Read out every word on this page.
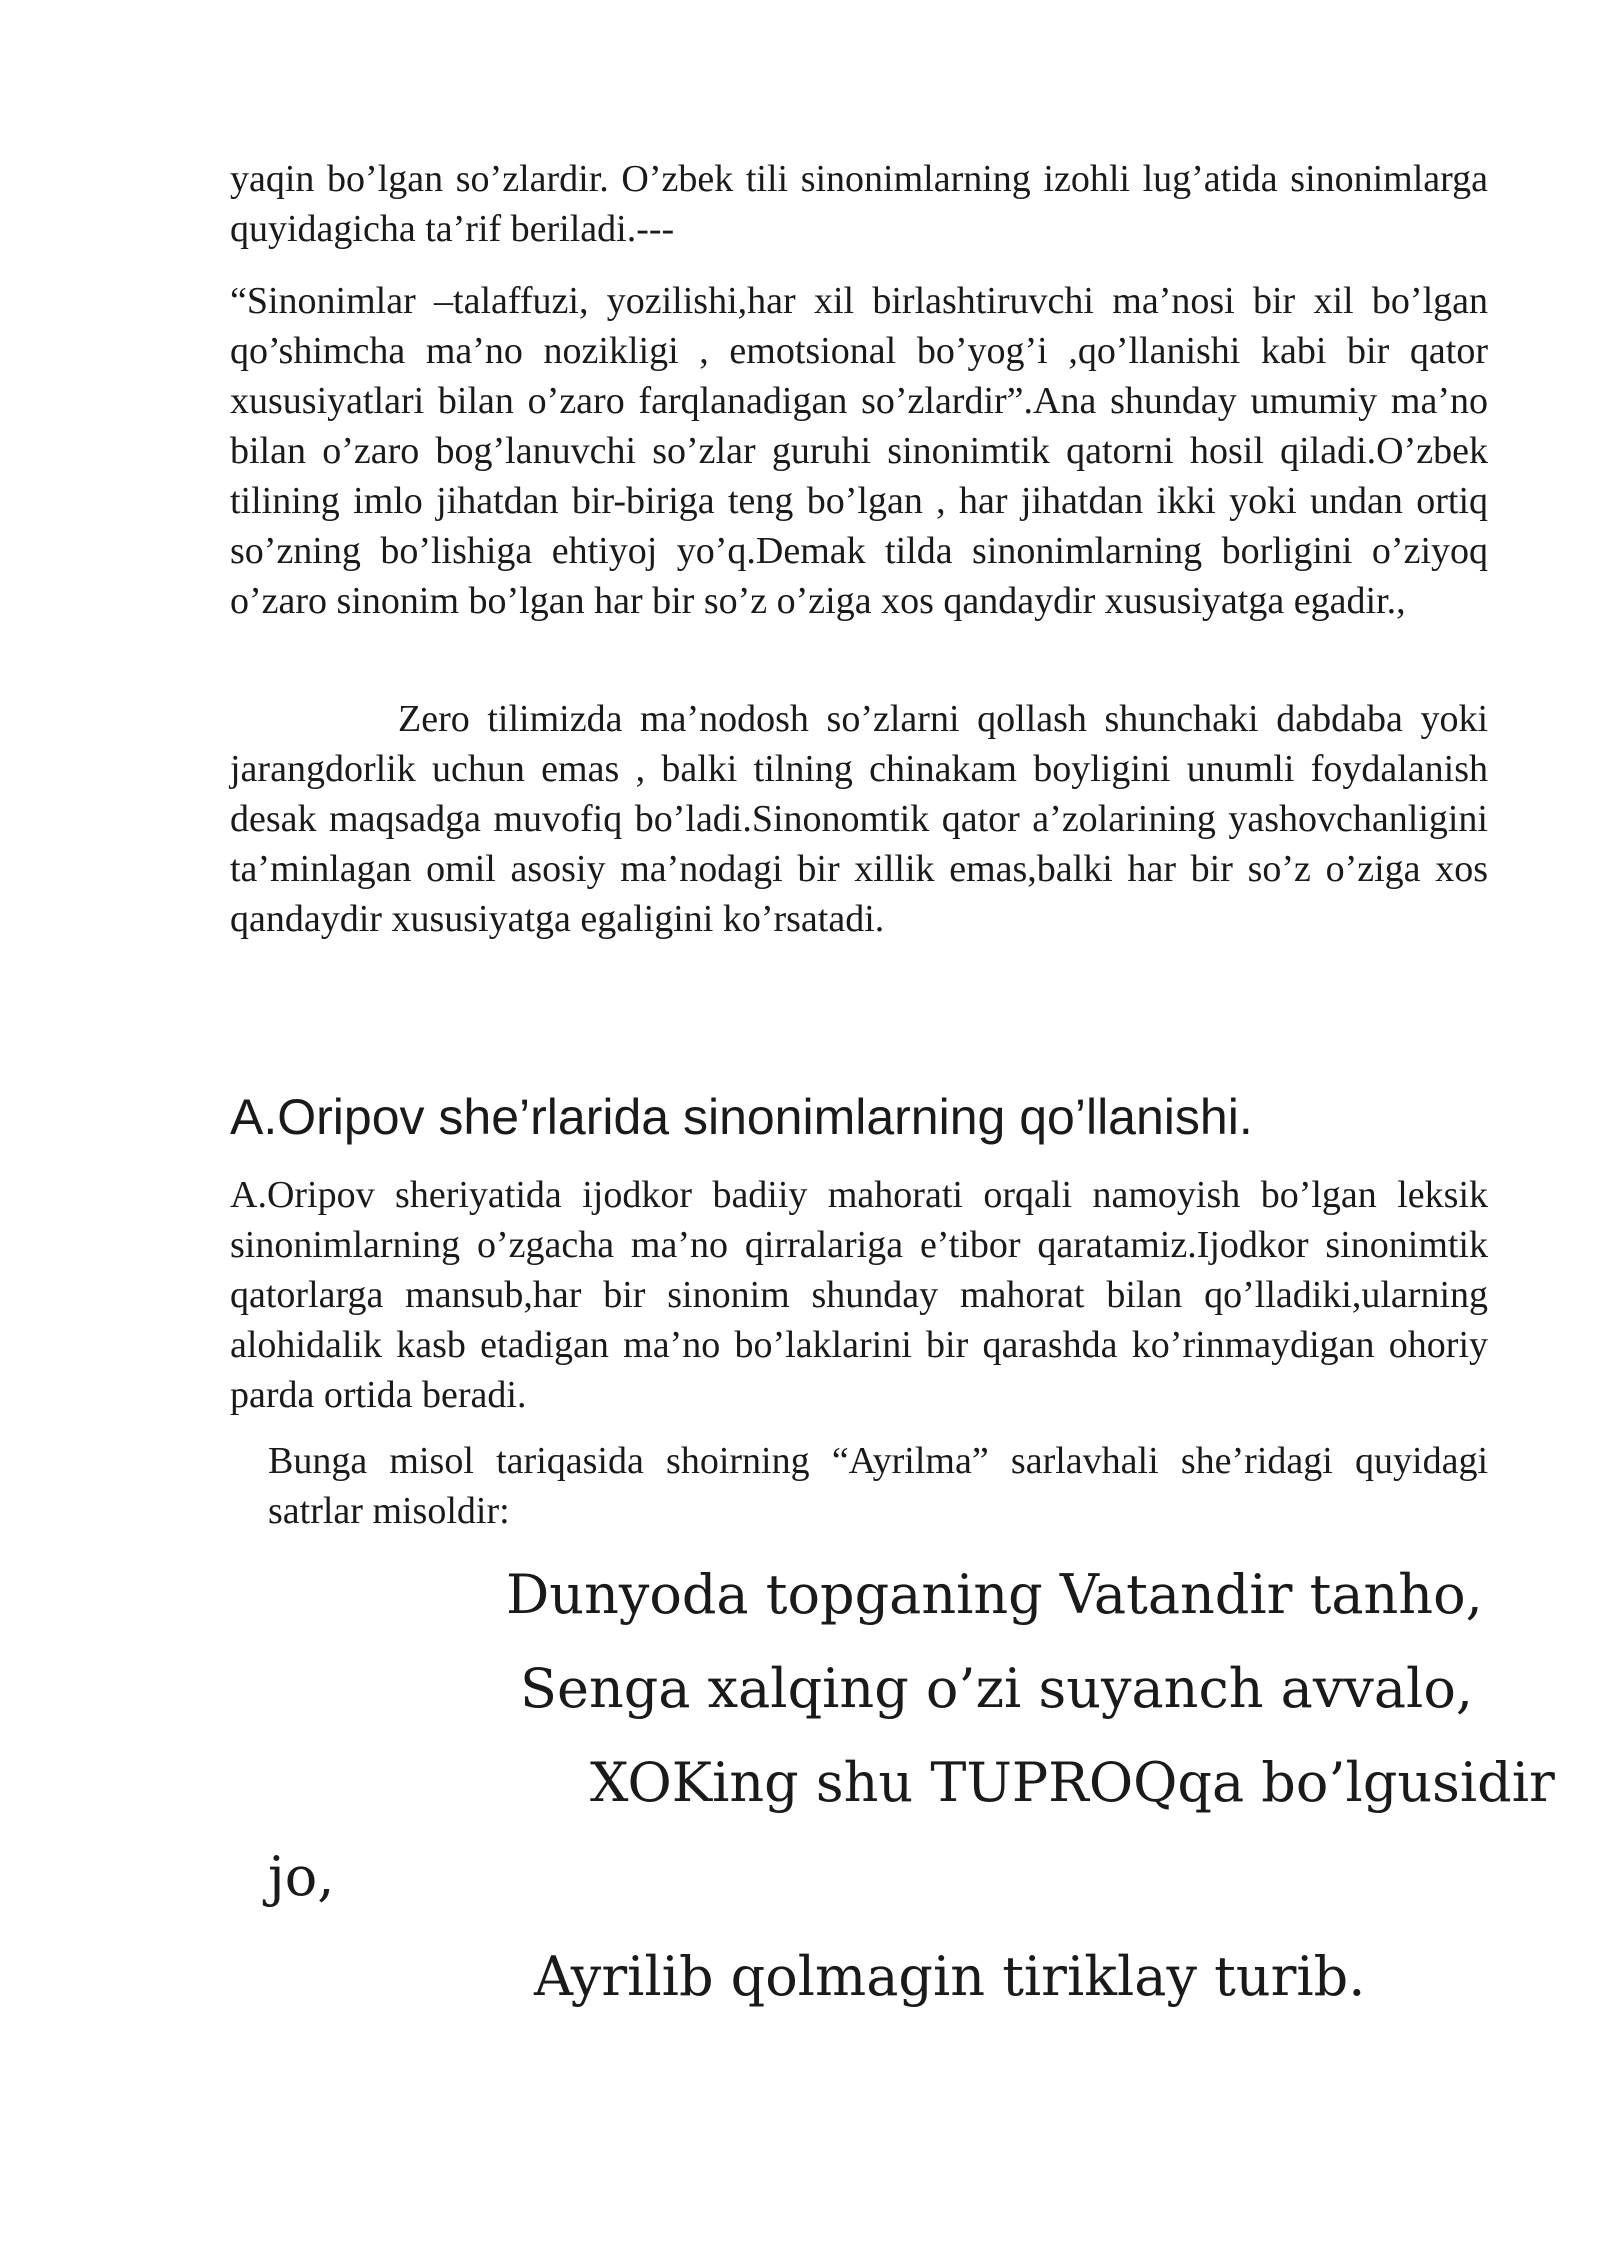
yaqin bo’lgan so’zlardir. O’zbek tili sinonimlarning izohli lug’atida sinonimlarga quyidagicha ta’rif beriladi.---

“Sinonimlar –talaffuzi, yozilishi,har xil birlashtiruvchi ma’nosi bir xil bo’lgan qo’shimcha ma’no nozikligi , emotsional bo’yog’i ,qo’llanishi kabi bir qator xususiyatlari bilan o’zaro farqlanadigan so’zlardir”.Ana shunday umumiy ma’no bilan o’zaro bog’lanuvchi so’zlar guruhi sinonimtik qatorni hosil qiladi.O’zbek tilining imlo jihatdan bir-biriga teng bo’lgan , har jihatdan ikki yoki undan ortiq so’zning bo’lishiga ehtiyoj yo’q.Demak tilda sinonimlarning borligini o’ziyoq o’zaro sinonim bo’lgan har bir so’z o’ziga xos qandaydir xususiyatga egadir.,

Zero tilimizda ma’nodosh so’zlarni qollash shunchaki dabdaba yoki jarangdorlik uchun emas , balki tilning chinakam boyligini unumli foydalanish desak maqsadga muvofiq bo’ladi.Sinonomtik qator a’zolarining yashovchanligini ta’minlagan omil asosiy ma’nodagi bir xillik emas,balki har bir so’z o’ziga xos qandaydir xususiyatga egaligini ko’rsatadi.

A.Oripov she’rlarida sinonimlarning qo’llanishi.

A.Oripov sheriyatida ijodkor badiiy mahorati orqali namoyish bo’lgan leksik sinonimlarning o’zgacha ma’no qirralariga e’tibor qaratamiz.Ijodkor sinonimtik qatorlarga mansub,har bir sinonim shunday mahorat bilan qo’lladiki,ularning alohidalik kasb etadigan ma’no bo’laklarini bir qarashda ko’rinmaydigan ohoriy parda ortida beradi.

Bunga misol tariqasida shoirning “Ayrilma” sarlavhali she’ridagi quyidagi satrlar misoldir:

Dunyoda topganing Vatandir tanho,

Senga xalqing o’zi suyanch avvalo,

XOKing shu TUPROQqa bo’lgusidir

jo,

Ayrilib qolmagin tiriklay turib.
